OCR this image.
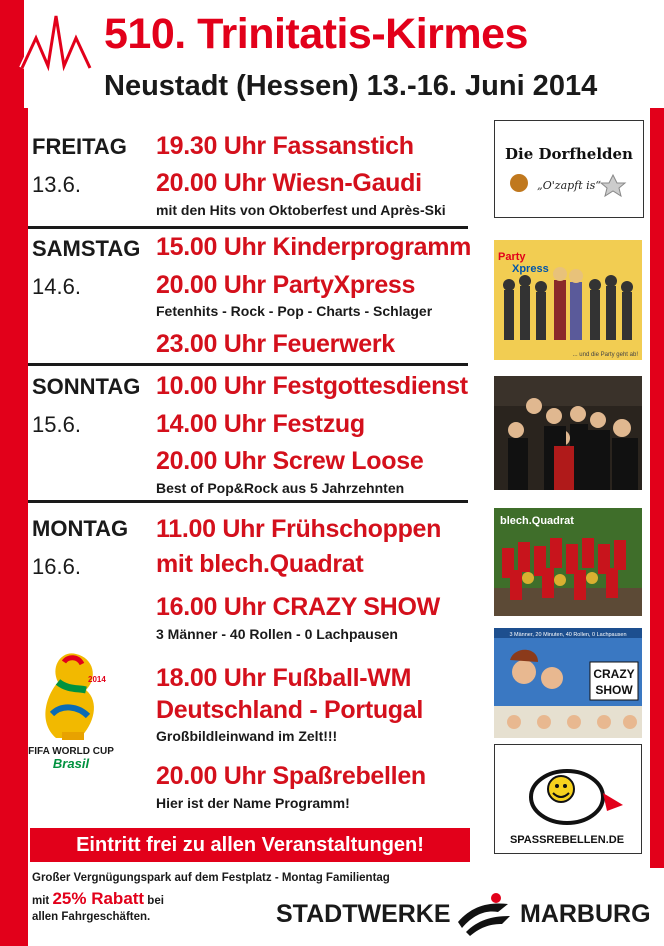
510. Trinitatis-Kirmes
Neustadt (Hessen) 13.-16. Juni 2014
FREITAG
13.6.
19.30 Uhr Fassanstich
20.00 Uhr Wiesn-Gaudi
mit den Hits von Oktoberfest und Après-Ski
SAMSTAG
14.6.
15.00 Uhr Kinderprogramm
20.00 Uhr PartyXpress
Fetenhits - Rock - Pop - Charts - Schlager
23.00 Uhr Feuerwerk
SONNTAG
15.6.
10.00 Uhr Festgottesdienst
14.00 Uhr Festzug
20.00 Uhr Screw Loose
Best of Pop&Rock aus 5 Jahrzehnten
MONTAG
16.6.
11.00 Uhr Frühschoppen
mit blech.Quadrat
16.00 Uhr CRAZY SHOW
3 Männer - 40 Rollen - 0 Lachpausen
18.00 Uhr Fußball-WM
Deutschland - Portugal
Großbildleinwand im Zelt!!!
20.00 Uhr Spaßrebellen
Hier ist der Name Programm!
2014
FIFA WORLD CUP
Brasil
Die Dorfhelden
„O'zapft is“
Party
Xpress
... und die Party geht ab!
blech.Quadrat
3 Männer, 20 Minuten, 40 Rollen, 0 Lachpausen
CRAZY
SHOW
SPASSREBELLEN.DE
Eintritt frei zu allen Veranstaltungen!
Großer Vergnügungspark auf dem Festplatz - Montag Familientag
mit 25% Rabatt bei
allen Fahrgeschäften.	STADTWERKE	MARBURG
